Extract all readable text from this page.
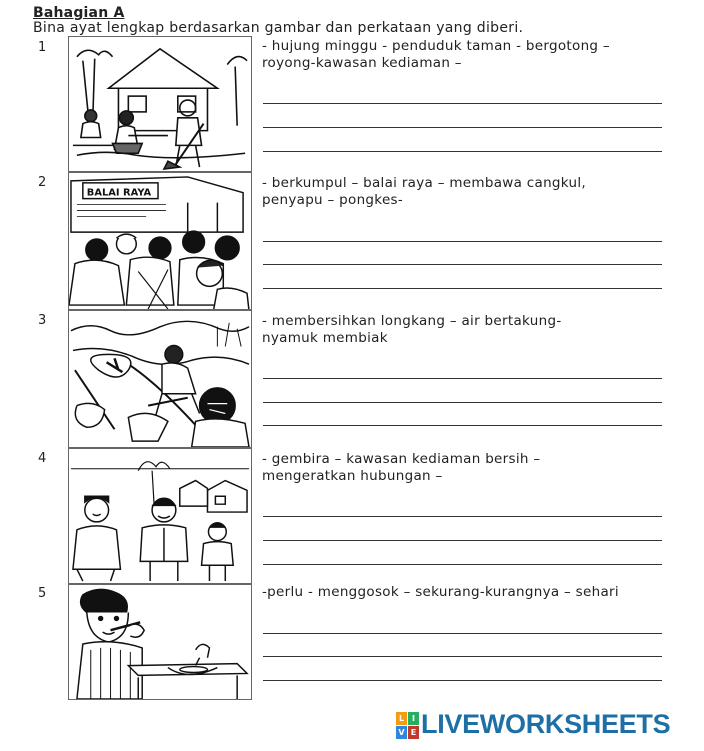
Bahagian A
Bina ayat lengkap berdasarkan gambar dan perkataan yang diberi.
1	- hujung minggu - penduduk taman - bergotong –
royong-kawasan kediaman –
2
BALAI RAYA
- berkumpul – balai raya – membawa cangkul,
penyapu – pongkes-
3	- membersihkan longkang – air bertakung-
nyamuk membiak
4	- gembira – kawasan kediaman bersih –
mengeratkan hubungan –
5	-perlu - menggosok – sekurang-kurangnya – sehari
L I
V E LIVEWORKSHEETS
